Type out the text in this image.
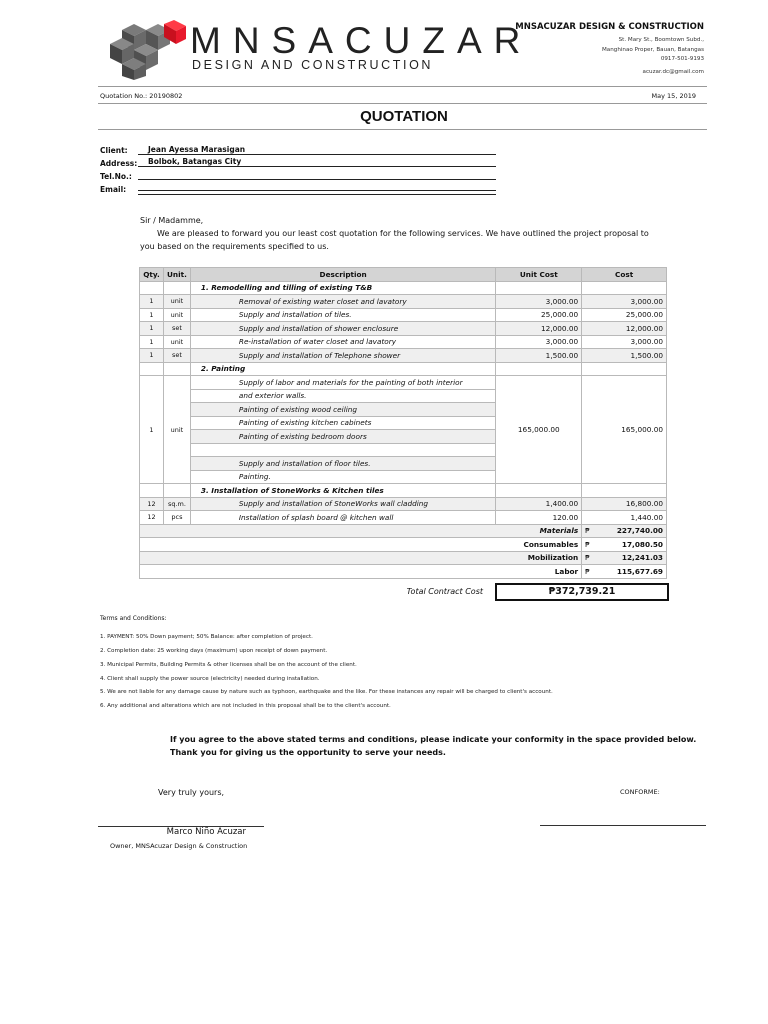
MNSACUZAR
DESIGN AND CONSTRUCTION
MNSACUZAR DESIGN & CONSTRUCTION
St. Mary St., Boomtown Subd.,
Manghinao Proper, Bauan, Batangas
0917-501-9193
acuzar.dc@gmail.com
Quotation No.: 20190802	May 15, 2019
QUOTATION
Client:	Jean Ayessa Marasigan
Address:	Bolbok, Batangas City
Tel.No.:
Email:
Sir / Madamme,
We are pleased to forward you our least cost quotation for the following services. We have outlined the project proposal to
you based on the requirements specified to us.
Qty.	Unit.	Description	Unit Cost	Cost
		1. Remodelling and tilling of existing T&B		
1	unit	Removal of existing water closet and lavatory	3,000.00	3,000.00
1	unit	Supply and installation of tiles.	25,000.00	25,000.00
1	set	Supply and installation of shower enclosure	12,000.00	12,000.00
1	unit	Re-installation of water closet and lavatory	3,000.00	3,000.00
1	set	Supply and installation of Telephone shower	1,500.00	1,500.00
		2. Painting		
1	unit	Supply of labor and materials for the painting of both interior	165,000.00	165,000.00
		and exterior walls.		
		Painting of existing wood ceiling		
		Painting of existing kitchen cabinets		
		Painting of existing bedroom doors		

		Supply and installation of floor tiles.		
		Painting.		
		3. Installation of StoneWorks & Kitchen tiles		
12	sq.m.	Supply and installation of StoneWorks wall cladding	1,400.00	16,800.00
12	pcs	Installation of splash board @ kitchen wall	120.00	1,440.00
Materials				₱ 227,740.00
Consumables				₱ 17,080.50
Mobilization				₱ 12,241.03
Labor				₱ 115,677.69
Total Contract Cost	₱372,739.21
Terms and Conditions:
1. PAYMENT: 50% Down payment; 50% Balance: after completion of project.
2. Completion date: 25 working days (maximum) upon receipt of down payment.
3. Municipal Permits, Building Permits & other licenses shall be on the account of the client.
4. Client shall supply the power source (electricity) needed during installation.
5. We are not liable for any damage cause by nature such as typhoon, earthquake and the like. For these instances any repair will be charged to client's account.
6. Any additional and alterations which are not included in this proposal shall be to the client's account.
If you agree to the above stated terms and conditions, please indicate your conformity in the space provided below.
Thank you for giving us the opportunity to serve your needs.
Very truly yours,	CONFORME:
Marco Niño Acuzar
Owner, MNSAcuzar Design & Construction
